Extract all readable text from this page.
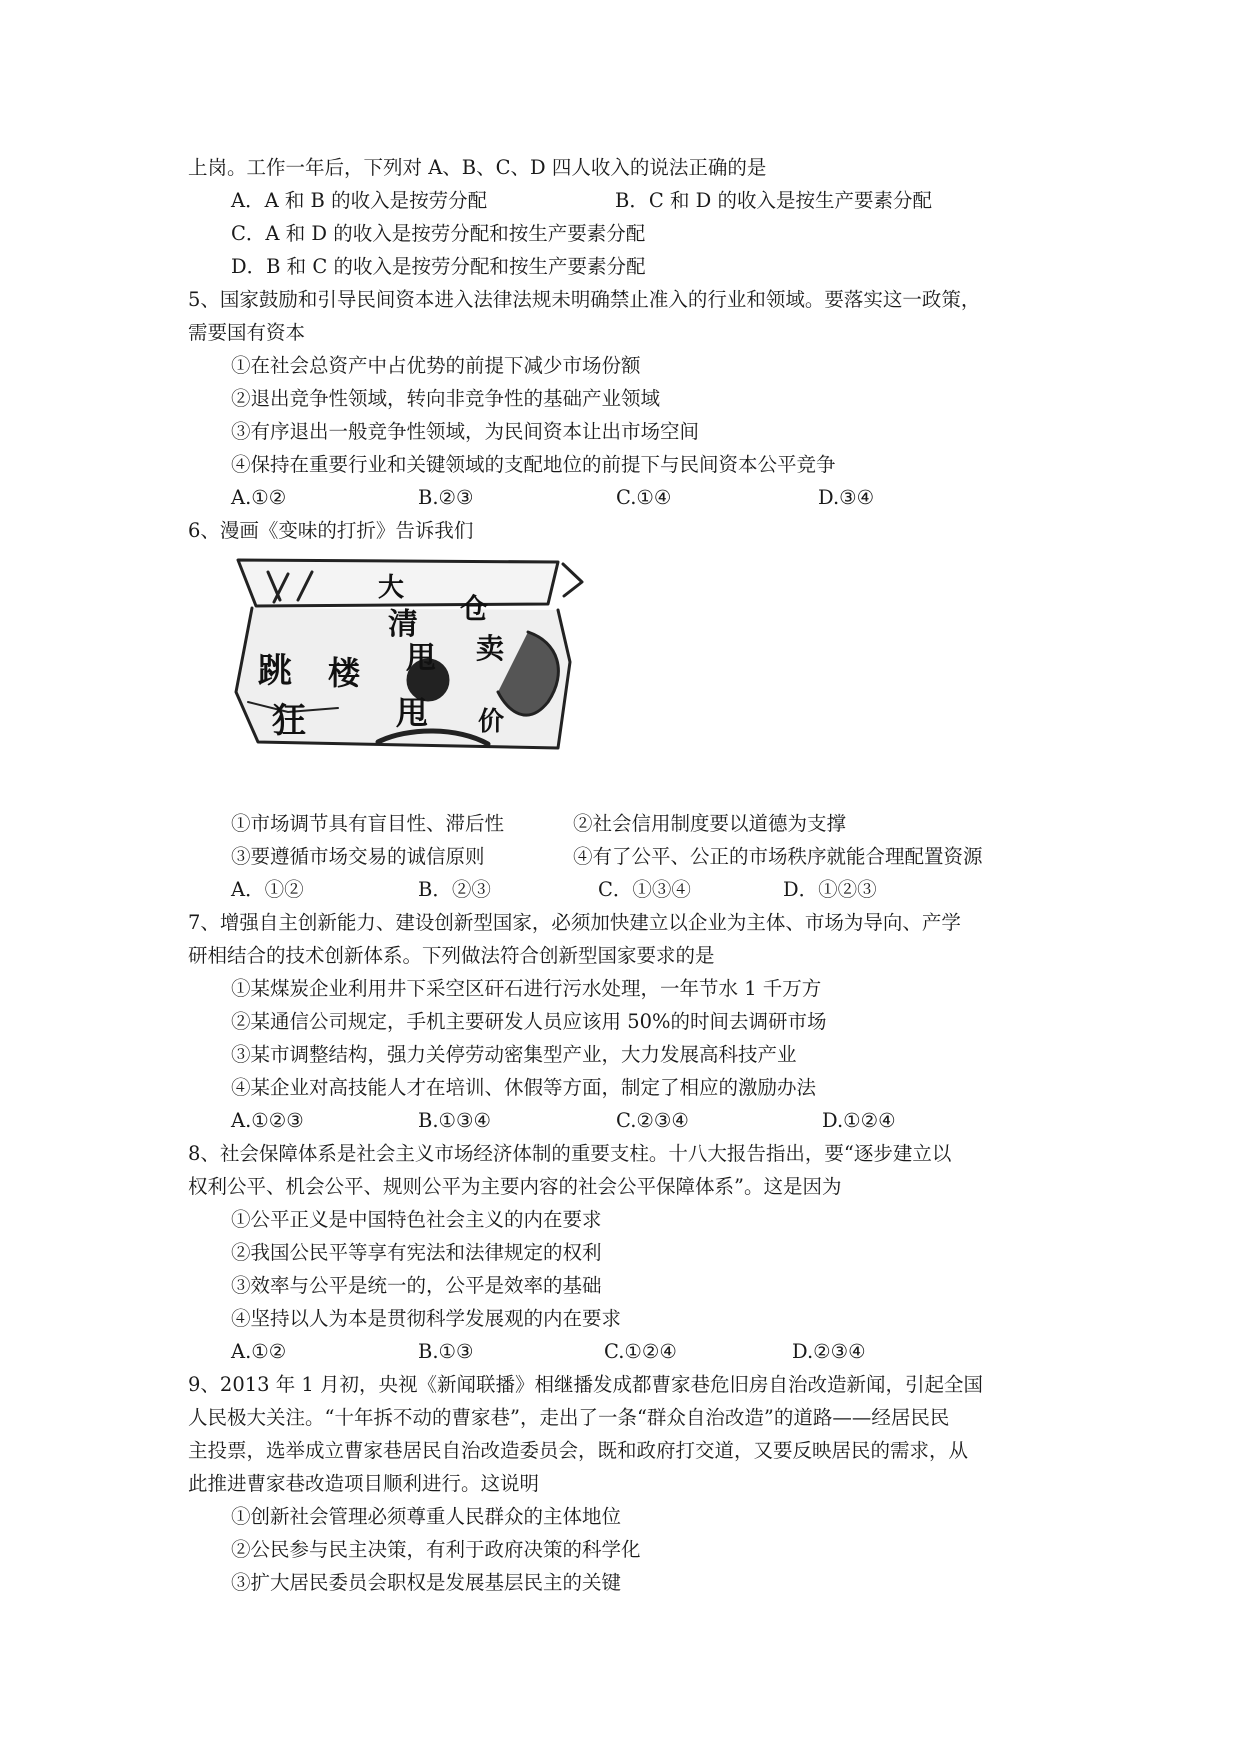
上岗。工作一年后，下列对 A、B、C、D 四人收入的说法正确的是
A．A 和 B 的收入是按劳分配	B．C 和 D 的收入是按生产要素分配
C．A 和 D 的收入是按劳分配和按生产要素分配
D．B 和 C 的收入是按劳分配和按生产要素分配
5、国家鼓励和引导民间资本进入法律法规未明确禁止准入的行业和领域。要落实这一政策，
需要国有资本
①在社会总资产中占优势的前提下减少市场份额
②退出竞争性领域，转向非竞争性的基础产业领域
③有序退出一般竞争性领域，为民间资本让出市场空间
④保持在重要行业和关键领域的支配地位的前提下与民间资本公平竞争
A.①②	B.②③	C.①④	D.③④
6、漫画《变味的打折》告诉我们
大
清 仓
甩 卖
跳 楼
狂	甩 价
①市场调节具有盲目性、滞后性	②社会信用制度要以道德为支撑
③要遵循市场交易的诚信原则	④有了公平、公正的市场秩序就能合理配置资源
A．①②	B．②③	C．①③④	D．①②③
7、增强自主创新能力、建设创新型国家，必须加快建立以企业为主体、市场为导向、产学
研相结合的技术创新体系。下列做法符合创新型国家要求的是
①某煤炭企业利用井下采空区矸石进行污水处理，一年节水 1 千万方
②某通信公司规定，手机主要研发人员应该用 50%的时间去调研市场
③某市调整结构，强力关停劳动密集型产业，大力发展高科技产业
④某企业对高技能人才在培训、休假等方面，制定了相应的激励办法
A.①②③	B.①③④	C.②③④	D.①②④
8、社会保障体系是社会主义市场经济体制的重要支柱。十八大报告指出，要“逐步建立以
权利公平、机会公平、规则公平为主要内容的社会公平保障体系”。这是因为
①公平正义是中国特色社会主义的内在要求
②我国公民平等享有宪法和法律规定的权利
③效率与公平是统一的，公平是效率的基础
④坚持以人为本是贯彻科学发展观的内在要求
A.①②	B.①③	C.①②④	D.②③④
9、2013 年 1 月初，央视《新闻联播》相继播发成都曹家巷危旧房自治改造新闻，引起全国
人民极大关注。“十年拆不动的曹家巷”，走出了一条“群众自治改造”的道路——经居民民
主投票，选举成立曹家巷居民自治改造委员会，既和政府打交道，又要反映居民的需求，从
此推进曹家巷改造项目顺利进行。这说明
①创新社会管理必须尊重人民群众的主体地位
②公民参与民主决策，有利于政府决策的科学化
③扩大居民委员会职权是发展基层民主的关键
